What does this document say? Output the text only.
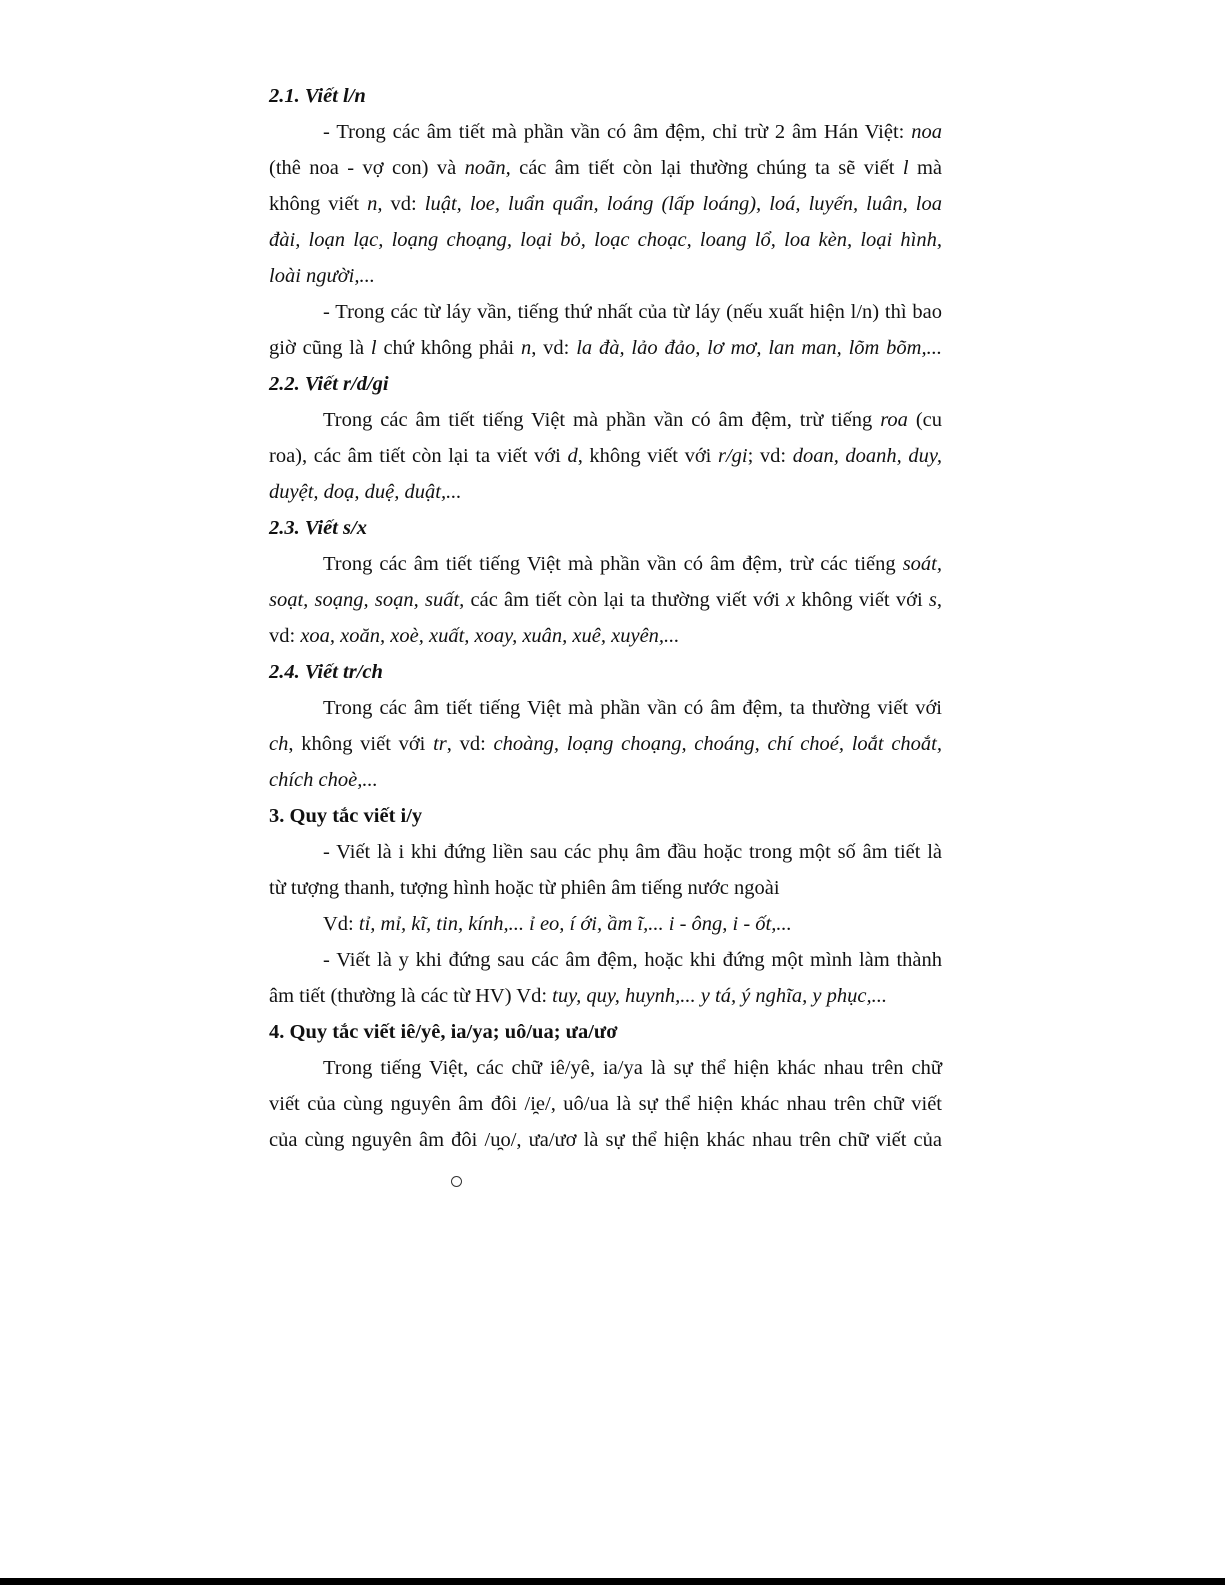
2.1. Viết l/n
- Trong các âm tiết mà phần vần có âm đệm, chỉ trừ 2 âm Hán Việt: noa
(thê noa - vợ con) và noãn, các âm tiết còn lại thường chúng ta sẽ viết l mà
không viết n, vd: luật, loe, luẩn quẩn, loáng (lấp loáng), loá, luyến, luân, loa
đài, loạn lạc, loạng choạng, loại bỏ, loạc choạc, loang lổ, loa kèn, loại hình,
loài người,...
- Trong các từ láy vần, tiếng thứ nhất của từ láy (nếu xuất hiện l/n) thì bao
giờ cũng là l chứ không phải n, vd: la đà, lảo đảo, lơ mơ, lan man, lõm bõm,...
2.2. Viết r/d/gi
Trong các âm tiết tiếng Việt mà phần vần có âm đệm, trừ tiếng roa (cu
roa), các âm tiết còn lại ta viết với d, không viết với r/gi; vd: doan, doanh, duy,
duyệt, doạ, duệ, duật,...
2.3. Viết s/x
Trong các âm tiết tiếng Việt mà phần vần có âm đệm, trừ các tiếng soát,
soạt, soạng, soạn, suất, các âm tiết còn lại ta thường viết với x không viết với s,
vd: xoa, xoăn, xoè, xuất, xoay, xuân, xuê, xuyên,...
2.4. Viết tr/ch
Trong các âm tiết tiếng Việt mà phần vần có âm đệm, ta thường viết với
ch, không viết với tr, vd: choàng, loạng choạng, choáng, chí choé, loắt choắt,
chích choè,...
3. Quy tắc viết i/y
- Viết là i khi đứng liền sau các phụ âm đầu hoặc trong một số âm tiết là
từ tượng thanh, tượng hình hoặc từ phiên âm tiếng nước ngoài
Vd: tỉ, mỉ, kĩ, tin, kính,... ỉ eo, í ới, ầm ĩ,... i - ông, i - ốt,...
- Viết là y khi đứng sau các âm đệm, hoặc khi đứng một mình làm thành
âm tiết (thường là các từ HV) Vd: tuy, quy, huynh,... y tá, ý nghĩa, y phục,...
4. Quy tắc viết iê/yê, ia/ya; uô/ua; ưa/ươ
Trong tiếng Việt, các chữ iê/yê, ia/ya là sự thể hiện khác nhau trên chữ
viết của cùng nguyên âm đôi /i̯e/, uô/ua là sự thể hiện khác nhau trên chữ viết
của cùng nguyên âm đôi /u̯o/, ưa/ươ là sự thể hiện khác nhau trên chữ viết của
